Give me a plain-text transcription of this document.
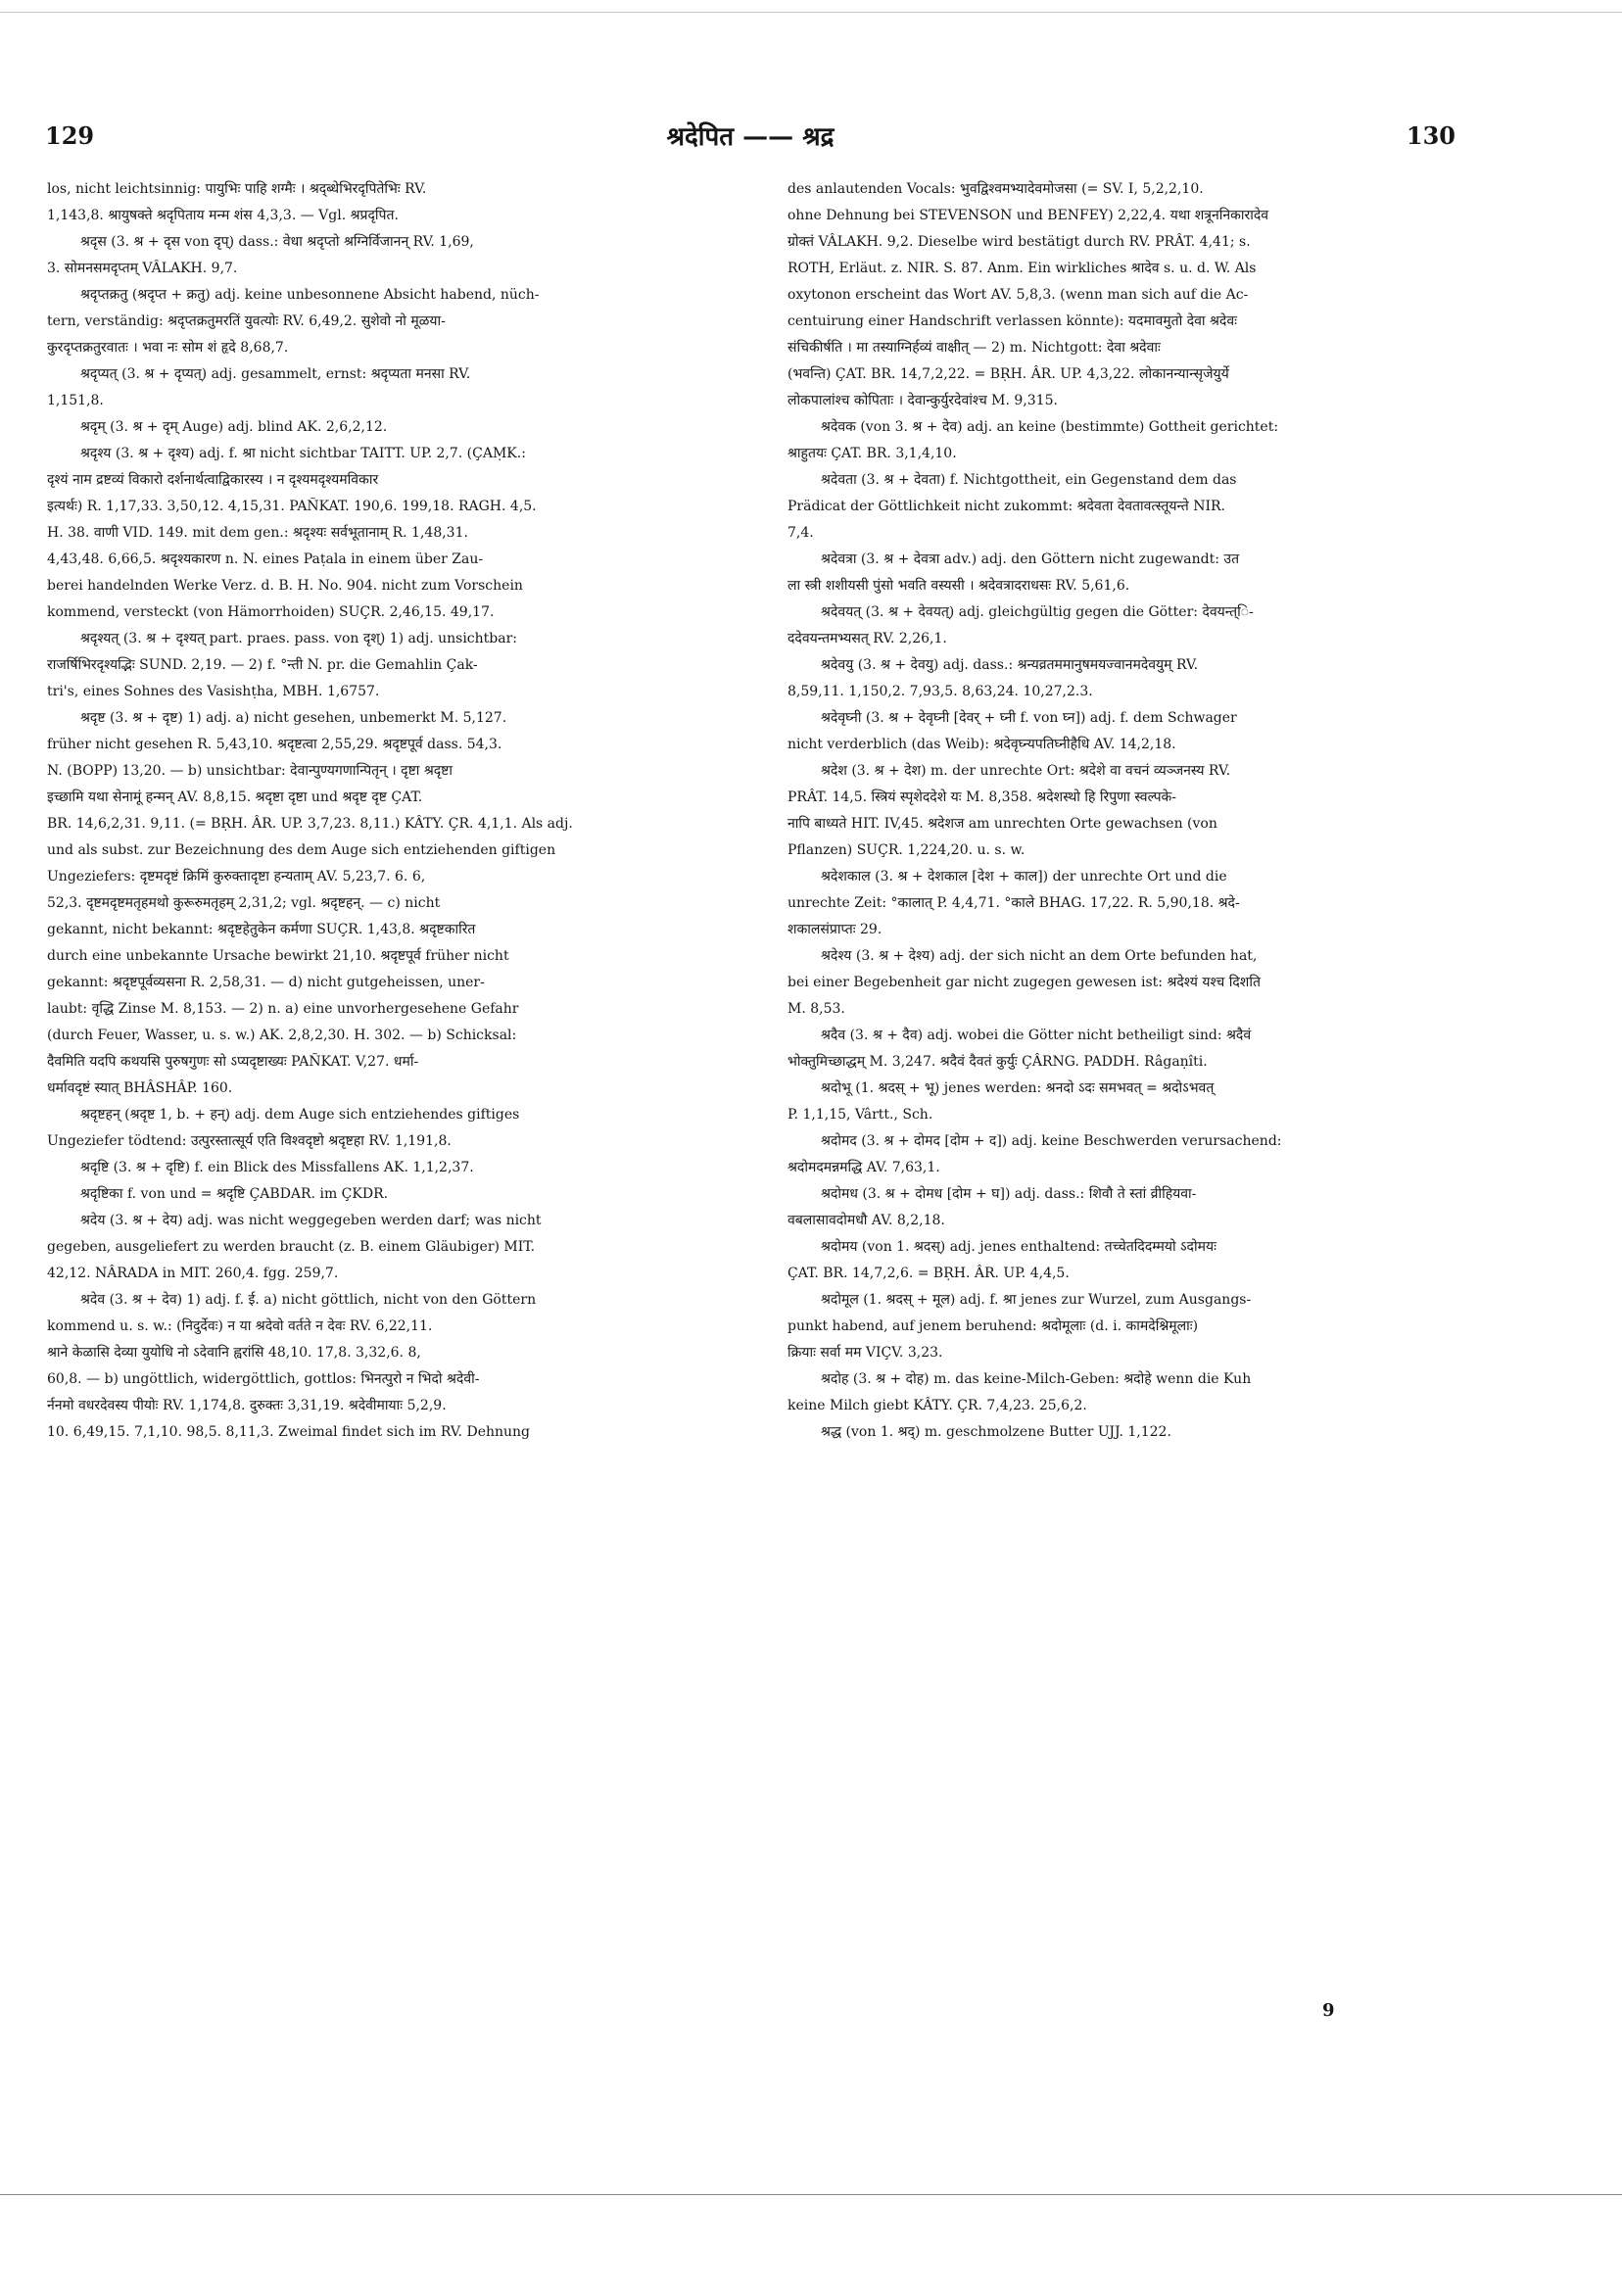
129	श्रदेपित —— श्रद्र	130

los, nicht leichtsinnig: पायुभिः पाहि शग्मैः । श्रद्ब्धेभिरदृपितेभिः RV.

1,143,8. श्रायुषक्ते श्रदृपिताय मन्म शंस 4,3,3. — Vgl. श्रप्रदृपित.

श्रदृस (3. श्र + दृस von दृप्) dass.: वेधा श्रदृप्तो श्रग्निर्विजानन् RV. 1,69,

3. सोमनसमदृप्तम् VÂLAKH. 9,7.

श्रदृप्तक्रतु (श्रदृप्त + क्रतु) adj. keine unbesonnene Absicht habend, nüch-

tern, verständig: श्रदृप्तक्रतुमरतिं युवत्योः RV. 6,49,2. सुशेवो नो मूळया-

कुरदृप्तक्रतुरवातः । भवा नः सोम शं हृदे 8,68,7.

श्रदृप्यत् (3. श्र + दृप्यत्) adj. gesammelt, ernst: श्रदृप्यता मनसा RV.

1,151,8.

श्रदृम् (3. श्र + दृम् Auge) adj. blind AK. 2,6,2,12.

श्रदृश्य (3. श्र + दृश्य) adj. f. श्रा nicht sichtbar TAITT. UP. 2,7. (ÇAṂK.:

दृश्यं नाम द्रष्टव्यं विकारो दर्शनार्थत्वाद्विकारस्य । न दृश्यमदृश्यमविकार

इत्यर्थः) R. 1,17,33. 3,50,12. 4,15,31. PAÑKAT. 190,6. 199,18. RAGH. 4,5.

H. 38. वाणी VID. 149. mit dem gen.: श्रदृश्यः सर्वभूतानाम् R. 1,48,31.

4,43,48. 6,66,5. श्रदृश्यकारण n. N. eines Paṭala in einem über Zau-

berei handelnden Werke Verz. d. B. H. No. 904. nicht zum Vorschein

kommend, versteckt (von Hämorrhoiden) SUÇR. 2,46,15. 49,17.

श्रदृश्यत् (3. श्र + दृश्यत् part. praes. pass. von दृश्) 1) adj. unsichtbar:

राजर्षिभिरदृश्यद्भिः SUND. 2,19. — 2) f. °न्ती N. pr. die Gemahlin Çak-

tri's, eines Sohnes des Vasishṭha, MBH. 1,6757.

श्रदृष्ट (3. श्र + दृष्ट) 1) adj. a) nicht gesehen, unbemerkt M. 5,127.

früher nicht gesehen R. 5,43,10. श्रदृष्टत्वा 2,55,29. श्रदृष्टपूर्व dass. 54,3.

N. (BOPP) 13,20. — b) unsichtbar: देवान्पुण्यगणान्पितृन् । दृष्टा श्रदृष्टा

इच्छामि यथा सेनामूं हन्मन् AV. 8,8,15. श्रदृष्टा दृष्टा und श्रदृष्ट दृष्ट ÇAT.

BR. 14,6,2,31. 9,11. (= BṚH. ÂR. UP. 3,7,23. 8,11.) KÂTY. ÇR. 4,1,1. Als adj.

und als subst. zur Bezeichnung des dem Auge sich entziehenden giftigen

Ungeziefers: दृष्टमदृष्टं क्रिमिं कुरुक्तादृष्टा हन्यताम् AV. 5,23,7. 6. 6,

52,3. दृष्टमदृष्टमतृहमथो कुरूरुमतृहम् 2,31,2; vgl. श्रदृष्टहन्. — c) nicht

gekannt, nicht bekannt: श्रदृष्टहेतुकेन कर्मणा SUÇR. 1,43,8. श्रदृष्टकारित

durch eine unbekannte Ursache bewirkt 21,10. श्रदृष्टपूर्व früher nicht

gekannt: श्रदृष्टपूर्वव्यसना R. 2,58,31. — d) nicht gutgeheissen, uner-

laubt: वृद्धि Zinse M. 8,153. — 2) n. a) eine unvorhergesehene Gefahr

(durch Feuer, Wasser, u. s. w.) AK. 2,8,2,30. H. 302. — b) Schicksal:

दैवमिति यदपि कथयसि पुरुषगुणः सो ऽप्यदृष्टाख्यः PAÑKAT. V,27. धर्मा-

धर्मावदृष्टं स्यात् BHÂSHÂP. 160.

श्रदृष्टहन् (श्रदृष्ट 1, b. + हन्) adj. dem Auge sich entziehendes giftiges

Ungeziefer tödtend: उत्पुरस्तात्सूर्य एति विश्वदृष्टो श्रदृष्टहा RV. 1,191,8.

श्रदृष्टि (3. श्र + दृष्टि) f. ein Blick des Missfallens AK. 1,1,2,37.

श्रदृष्टिका f. von und = श्रदृष्टि ÇABDAR. im ÇKDR.

श्रदेय (3. श्र + देय) adj. was nicht weggegeben werden darf; was nicht

gegeben, ausgeliefert zu werden braucht (z. B. einem Gläubiger) MIT.

42,12. NÂRADA in MIT. 260,4. fgg. 259,7.

श्रदेव (3. श्र + देव) 1) adj. f. ई. a) nicht göttlich, nicht von den Göttern

kommend u. s. w.: (निदुर्देवः) न या श्रदेवो वर्तते न देवः RV. 6,22,11.

श्राने केळासि देव्या युयोधि नो ऽदेवानि ह्वरांसि 48,10. 17,8. 3,32,6. 8,

60,8. — b) ungöttlich, widergöttlich, gottlos: भिनत्पुरो न भिदो श्रदेवी-

र्ननमो वधरदेवस्य पीयोः RV. 1,174,8. दुरुक्तः 3,31,19. श्रदेवीमायाः 5,2,9.

10. 6,49,15. 7,1,10. 98,5. 8,11,3. Zweimal findet sich im RV. Dehnung

des anlautenden Vocals: भुवद्विश्वमभ्यादेवमोजसा (= SV. I, 5,2,2,10.

ohne Dehnung bei STEVENSON und BENFEY) 2,22,4. यथा शत्रूननिकारादेव

ग्रोक्तं VÂLAKH. 9,2. Dieselbe wird bestätigt durch RV. PRÂT. 4,41; s.

ROTH, Erläut. z. NIR. S. 87. Anm. Ein wirkliches श्रादेव s. u. d. W. Als

oxytonon erscheint das Wort AV. 5,8,3. (wenn man sich auf die Ac-

centuirung einer Handschrift verlassen könnte): यदमावमुतो देवा श्रदेवः

संचिकीर्षति । मा तस्याग्निर्हव्यं वाक्षीत् — 2) m. Nichtgott: देवा श्रदेवाः

(भवन्ति) ÇAT. BR. 14,7,2,22. = BṚH. ÂR. UP. 4,3,22. लोकानन्यान्सृजेयुर्ये

लोकपालांश्च कोपिताः । देवान्कुर्युरदेवांश्च M. 9,315.

श्रदेवक (von 3. श्र + देव) adj. an keine (bestimmte) Gottheit gerichtet:

श्राहुतयः ÇAT. BR. 3,1,4,10.

श्रदेवता (3. श्र + देवता) f. Nichtgottheit, ein Gegenstand dem das

Prädicat der Göttlichkeit nicht zukommt: श्रदेवता देवतावत्स्तूयन्ते NIR.

7,4.

श्रदेवत्रा (3. श्र + देवत्रा adv.) adj. den Göttern nicht zugewandt: उत

ला स्त्री शशीयसी पुंसो भवति वस्यसी । श्रदेवत्रादराधसः RV. 5,61,6.

श्रदेवयत् (3. श्र + देवयत्) adj. gleichgültig gegen die Götter: देवयन्त्ि-

ददेवयन्तमभ्यसत् RV. 2,26,1.

श्रदेवयु (3. श्र + देवयु) adj. dass.: श्रन्यव्रतममानुषमयज्वानमदेवयुम् RV.

8,59,11. 1,150,2. 7,93,5. 8,63,24. 10,27,2.3.

श्रदेवृघ्नी (3. श्र + देवृघ्नी [देवर् + घ्नी f. von घ्न]) adj. f. dem Schwager

nicht verderblich (das Weib): श्रदेवृघ्न्यपतिघ्नीहैधि AV. 14,2,18.

श्रदेश (3. श्र + देश) m. der unrechte Ort: श्रदेशे वा वचनं व्यञ्जनस्य RV.

PRÂT. 14,5. स्त्रियं स्पृशेददेशे यः M. 8,358. श्रदेशस्थो हि रिपुणा स्वल्पके-

नापि बाध्यते HIT. IV,45. श्रदेशज am unrechten Orte gewachsen (von

Pflanzen) SUÇR. 1,224,20. u. s. w.

श्रदेशकाल (3. श्र + देशकाल [देश + काल]) der unrechte Ort und die

unrechte Zeit: °कालात् P. 4,4,71. °काले BHAG. 17,22. R. 5,90,18. श्रदे-

शकालसंप्राप्तः 29.

श्रदेश्य (3. श्र + देश्य) adj. der sich nicht an dem Orte befunden hat,

bei einer Begebenheit gar nicht zugegen gewesen ist: श्रदेश्यं यश्च दिशति

M. 8,53.

श्रदैव (3. श्र + दैव) adj. wobei die Götter nicht betheiligt sind: श्रदैवं

भोक्तुमिच्छाद्धम् M. 3,247. श्रदैवं दैवतं कुर्युः ÇÂRNG. PADDH. Râgaṇîti.

श्रदोभू (1. श्रदस् + भू) jenes werden: श्रनदो ऽदः समभवत् = श्रदोऽभवत्

P. 1,1,15, Vârtt., Sch.

श्रदोमद (3. श्र + दोमद [दोम + द]) adj. keine Beschwerden verursachend:

श्रदोमदमन्नमद्धि AV. 7,63,1.

श्रदोमध (3. श्र + दोमध [दोम + घ]) adj. dass.: शिवौ ते स्तां व्रीहियवा-

वबलासावदोमधौ AV. 8,2,18.

श्रदोमय (von 1. श्रदस्) adj. jenes enthaltend: तच्चेतदिदम्मयो ऽदोमयः

ÇAT. BR. 14,7,2,6. = BṚH. ÂR. UP. 4,4,5.

श्रदोमूल (1. श्रदस् + मूल) adj. f. श्रा jenes zur Wurzel, zum Ausgangs-

punkt habend, auf jenem beruhend: श्रदोमूलाः (d. i. कामदेश्निमूलाः)

क्रियाः सर्वा मम VIÇV. 3,23.

श्रदोह (3. श्र + दोह) m. das keine-Milch-Geben: श्रदोहे wenn die Kuh

keine Milch giebt KÂTY. ÇR. 7,4,23. 25,6,2.

श्रद्ध (von 1. श्रद्) m. geschmolzene Butter UJJ. 1,122.

9
